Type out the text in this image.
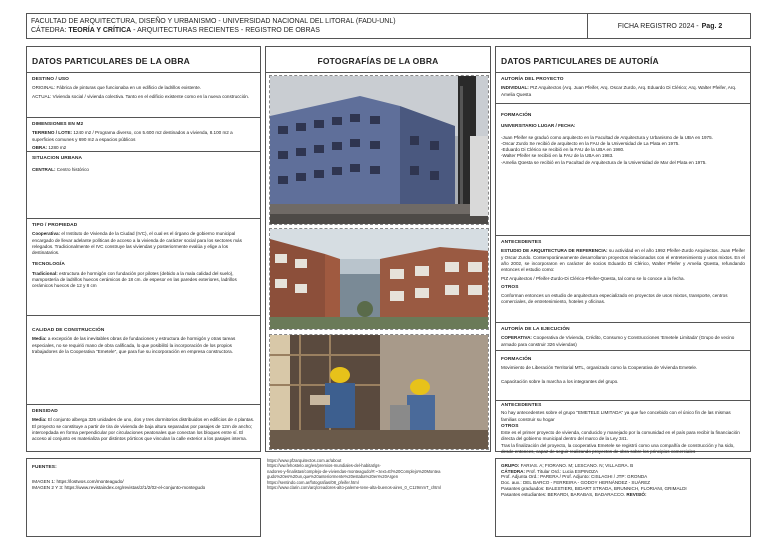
FACULTAD DE ARQUITECTURA, DISEÑO Y URBANISMO - UNIVERSIDAD NACIONAL DEL LITORAL (FADU-UNL)
CÁTEDRA: TEORÍA Y CRÍTICA - ARQUITECTURAS RECIENTES - REGISTRO DE OBRAS
FICHA REGISTRO 2024 - Pag. 2
DATOS PARTICULARES DE LA OBRA
DESTINO / USO
ORIGINAL: Fábrica de pinturas que funcionaba en un edificio de ladrillos existente.
ACTUAL: Vivienda social / vivienda colectiva. Tanto en el edificio existente como en la nueva construcción.
DIMENSIONES EN M2
TERRENO / LOTE: 1240 m2 / Programa diverso, con 5.600 m2 destinados a vivienda, 8.100 m2 a superficies comunes y 690 m2 a espacios públicos
OBRA: 1280 m2
SITUACION URBANA
CENTRAL: Centro histórico
TIPO / PROPIEDAD
Cooperativa: el Instituto de Vivienda de la Ciudad (IVC), el cual es el órgano de gobierno municipal encargado de llevar adelante políticas de acceso a la vivienda de carácter social para los sectores más relegados. Tradicionalmente el IVC construye las viviendas y posteriormente evalúa y elige a los destinatarios.
TECNOLOGÍA
Tradicional: estructura de hormigón con fundación por pilotes (debido a la mala calidad del suelo), mampostería de ladrillos huecos cerámicos de 18 cm. de espesor en las paredes exteriores, ladrillos cerámicos huecos de 12 y 8 cm
CALIDAD DE CONSTRUCCIÓN
Media: a excepción de las inevitables obras de fundaciones y estructura de hormigón y otras tareas especiales, no se requirió mano de obra calificada, lo que posibilitó la incorporación de los propios trabajadores de la Cooperativa "Emetele", que para fue su incorporación en empresa constructora.
DENSIDAD
Media: El conjunto alberga 326 unidades de uno, dos y tres dormitorios distribuidos en edificios de 4 plantas. El proyecto se constituye a partir de tira de vivienda de baja altura separadas por pasajes de 12m de ancho; intercepdada en forma perpendicular por circulaciones peatonales que conectan los bloques entre sí. El acceso al conjunto es materializa por distintos pórticos que vinculan la calle exterior a los pasajes interna.
FOTOGRAFÍAS DE LA OBRA	DATOS PARTICULARES DE AUTORÍA
AUTORÍA DEL PROYECTO
INDIVIDUAL: PIZ Arquitectos (Arq. Juan Pfeifer, Arq. Oscar Zurdo, Arq. Eduardo Di Clérico; Arq. Walter Pfeifer, Arq. Amelia Questa
FORMACIÓN
UNIVERSITARIO LUGAR / FECHA:
-Juan Pfeifer se graduó como arquitecto en la Facultad de Arquitectura y Urbanismo de la UBA en 1975.
-Oscar Zurdo Se recibió de arquitecto en la FAU de la Universidad de La Plata en 1975.
-Eduardo Di Clérico se recibió en la FAU de la UBA en 1980.
-Walter Pfeifer se recibió en la FAU de la UBA en 1983.
-Amelia Qüesta se recibió en la Facultad de Arquitectura de la Universidad de Mar del Plata en 1975.
ANTECEDENTES
ESTUDIO DE ARQUITECTURA DE REFERENCIA: su actividad en el año 1992 Pfeifer-Zurdo Arquitectos. Juan Pfeifer y Oscar Zurdo. Contemporáneamente desarrollaron proyectos relacionados con el entretenimiento y usos mixtos. En el año 2002, se incorporaron en carácter de socios Eduardo Di Clérico, Walter Pfeifer y Amelia Qüesta, refundando entonces el estudio como:
PIZ Arquitectos / Pfeifer-Zurdo-Di Clérico-Pfeifer-Qüesta, tal como se lo conoce a la fecha.
OTROS
Conforman entonces un estudio de arquitectura especializado en proyectos de usos mixtos, transporte, centros comerciales, de entretenimiento, hoteles y oficinas.
AUTORÍA DE LA EJECUCIÓN
COPERATIVA: Cooperativa de Vivienda, Crédito, Consumo y Construcciones 'Emetele Limitada' (Grupo de vecino armado para construir 326 viviendas)
FORMACIÓN
Movimiento de Liberación Territorial MTL, organizado como la Cooperativa de Vivienda Emetele.
Capacitación sobre la marcha a los integrantes del grupo.
ANTECEDENTES
No hay antecedentes sobre el grupo "EMETELE LIMITADA" ya que fue concebido con el único fin de las mismas familias construir su hogar
OTROS
Este es el primer proyecto de vivienda, conducido y manejado por la comunidad en el país para recibir la financiación directa del gobierno municipal dentro del marco de la Ley 341.
Tras la finalización del proyecto, la cooperativa Emetele se registró como una compañía de construcción y ha sido, desde entonces, capaz de seguir realizando proyectos de obra sobre los principios comerciales
FUENTES:
IMAGEN 1: https://lostwos.com/monteagudo/
IMAGEN 2 Y 3: https://www.revistaindex.org/revistas/2/1/2/02-el-conjunto-montegudo
https://www.pfzarquitectos.com.ar/about
https://ww.fehostelo.org/es/premios-mundiales-del-habitat/gs-
nadores-y-finalistas/complejo-de-viviendas-monteagudo/#:~:text=El%20Complejo%20Montea
gudo%20es%20un,que%20anteriormente%20estaba%20en%20Argen
https://sentindo.com.ar/fotografias/08_pfeifer.html
https://www.clarin.com/arq/creadores-alto-paleme-tene-alta-buenos-aires_0_C1z9mmT_chtml
GRUPO: FARIAS. A; FIORANO. M; LESCANO. N; VILLAGRA. B
CÁTEDRA: Prof. Titular Ord.: Lucia ESPINOZA
Prof. Adjunta Ord.: PARERA / Prof. Adjunto: CISLAGHI / JTP: GRONDA
Doc. aux.: DEL BARCO - FERREIRA - GODOY HERNÁNDEZ - SUÁREZ
Pasantes graduados: BALESTIERI, BIDART STRADA, BRUNNICH, FLORIANI, GRIMALDI
Pasantes estudiantes: BERARDI, BARABAS, BADARACCO. REVISIÓ:
